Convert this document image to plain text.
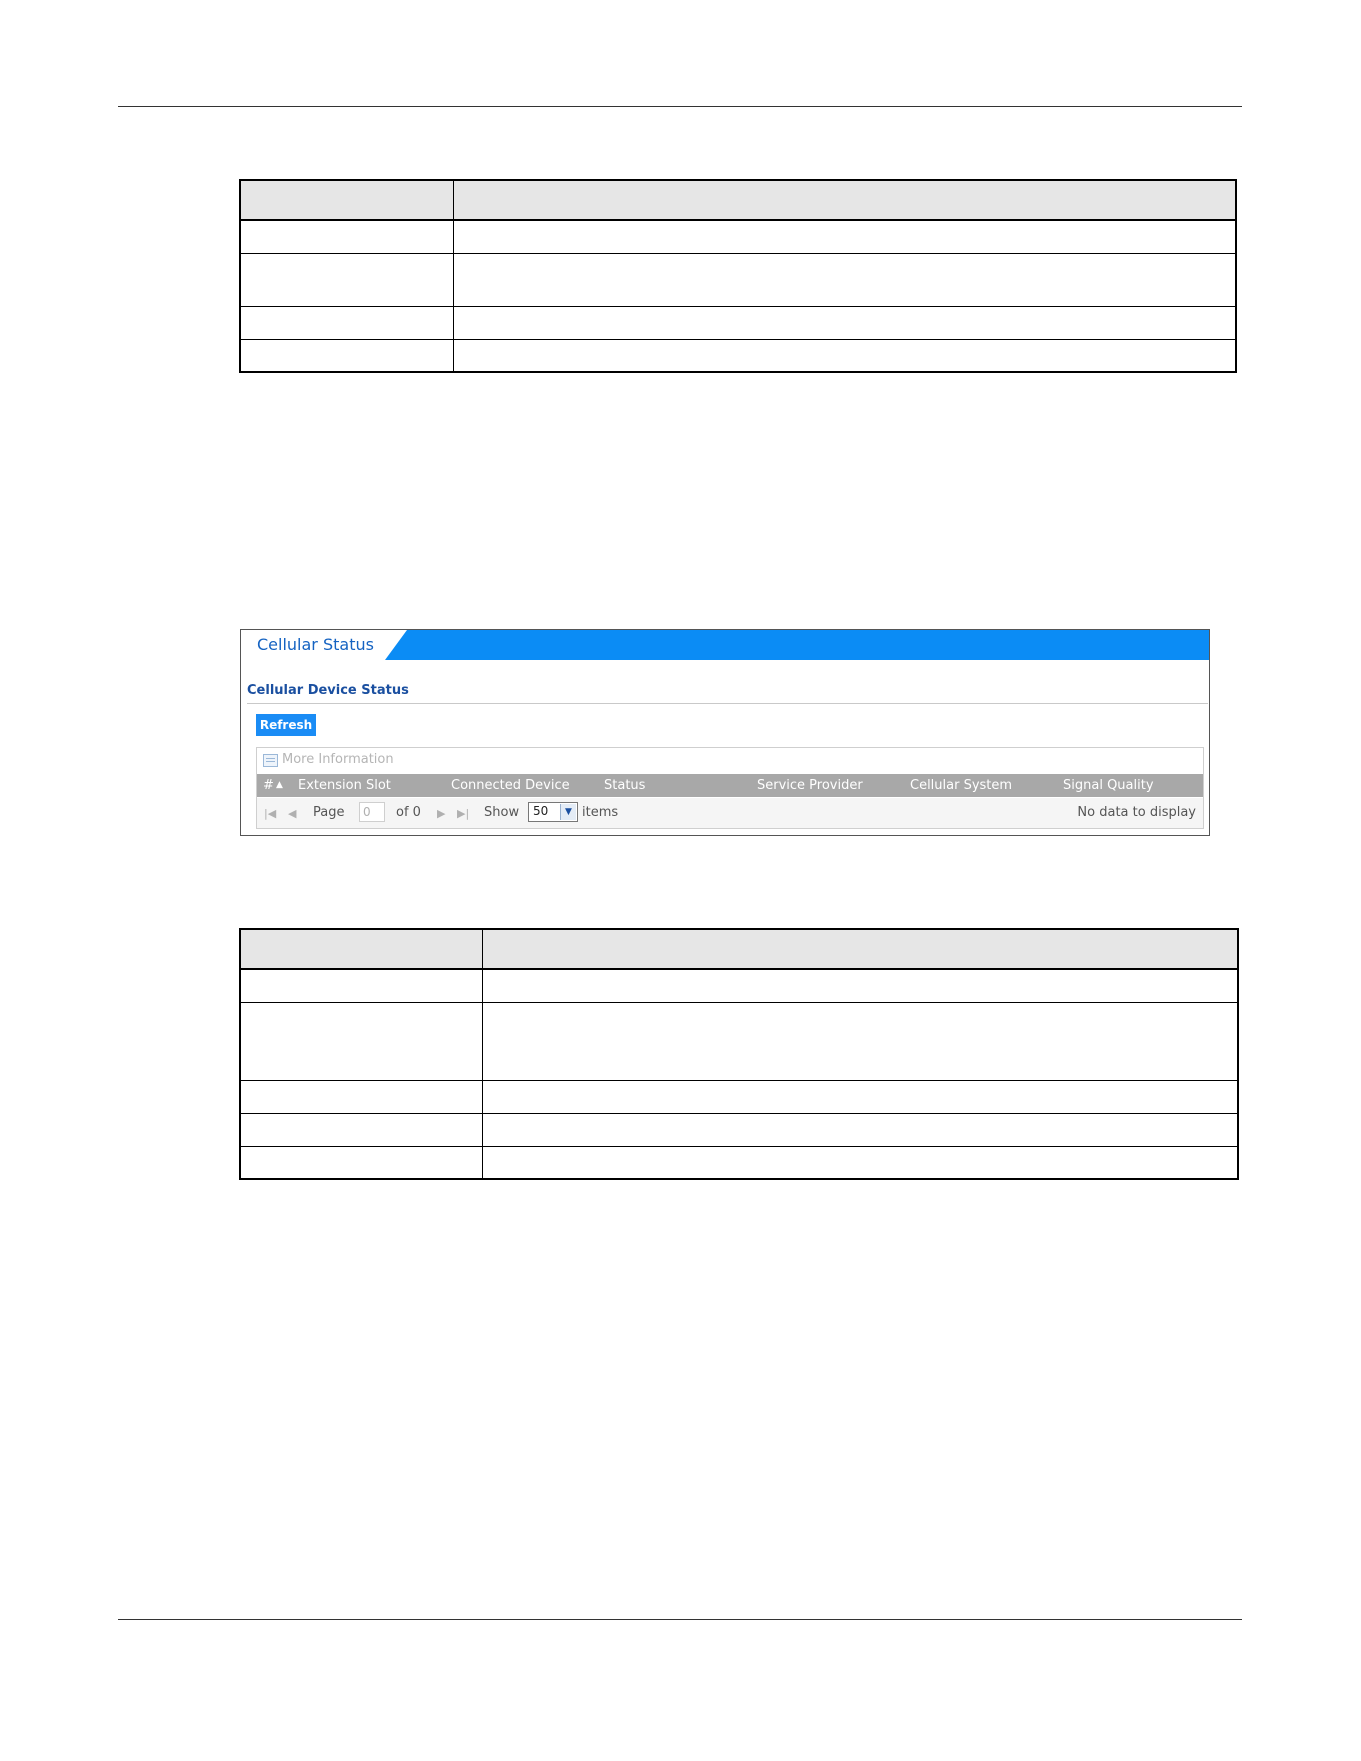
Cellular Status
Cellular Device Status
Refresh
More Information
# ▲ Extension Slot	Connected Device	Status	Service Provider	Cellular System	Signal Quality
|◀ ◀ Page
0	of 0 ▶ ▶| Show 50	▼ items	No data to display
